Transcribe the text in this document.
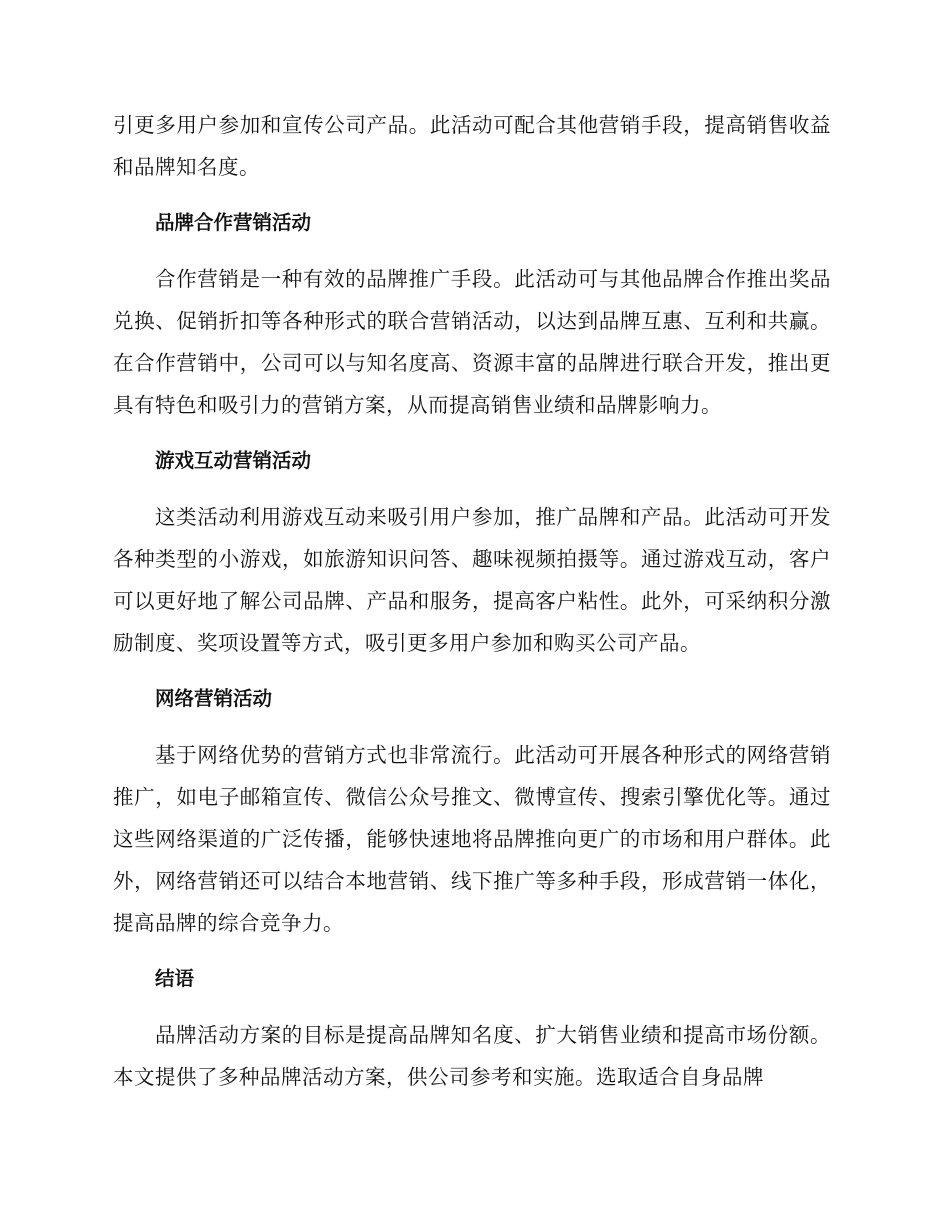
引更多用户参加和宣传公司产品。此活动可配合其他营销手段，提高销售收益和品牌知名度。

品牌合作营销活动

合作营销是一种有效的品牌推广手段。此活动可与其他品牌合作推出奖品兑换、促销折扣等各种形式的联合营销活动，以达到品牌互惠、互利和共赢。在合作营销中，公司可以与知名度高、资源丰富的品牌进行联合开发，推出更具有特色和吸引力的营销方案，从而提高销售业绩和品牌影响力。

游戏互动营销活动

这类活动利用游戏互动来吸引用户参加，推广品牌和产品。此活动可开发各种类型的小游戏，如旅游知识问答、趣味视频拍摄等。通过游戏互动，客户可以更好地了解公司品牌、产品和服务，提高客户粘性。此外，可采纳积分激励制度、奖项设置等方式，吸引更多用户参加和购买公司产品。

网络营销活动

基于网络优势的营销方式也非常流行。此活动可开展各种形式的网络营销推广，如电子邮箱宣传、微信公众号推文、微博宣传、搜索引擎优化等。通过这些网络渠道的广泛传播，能够快速地将品牌推向更广的市场和用户群体。此外，网络营销还可以结合本地营销、线下推广等多种手段，形成营销一体化，提高品牌的综合竞争力。

结语

品牌活动方案的目标是提高品牌知名度、扩大销售业绩和提高市场份额。本文提供了多种品牌活动方案，供公司参考和实施。选取适合自身品牌
